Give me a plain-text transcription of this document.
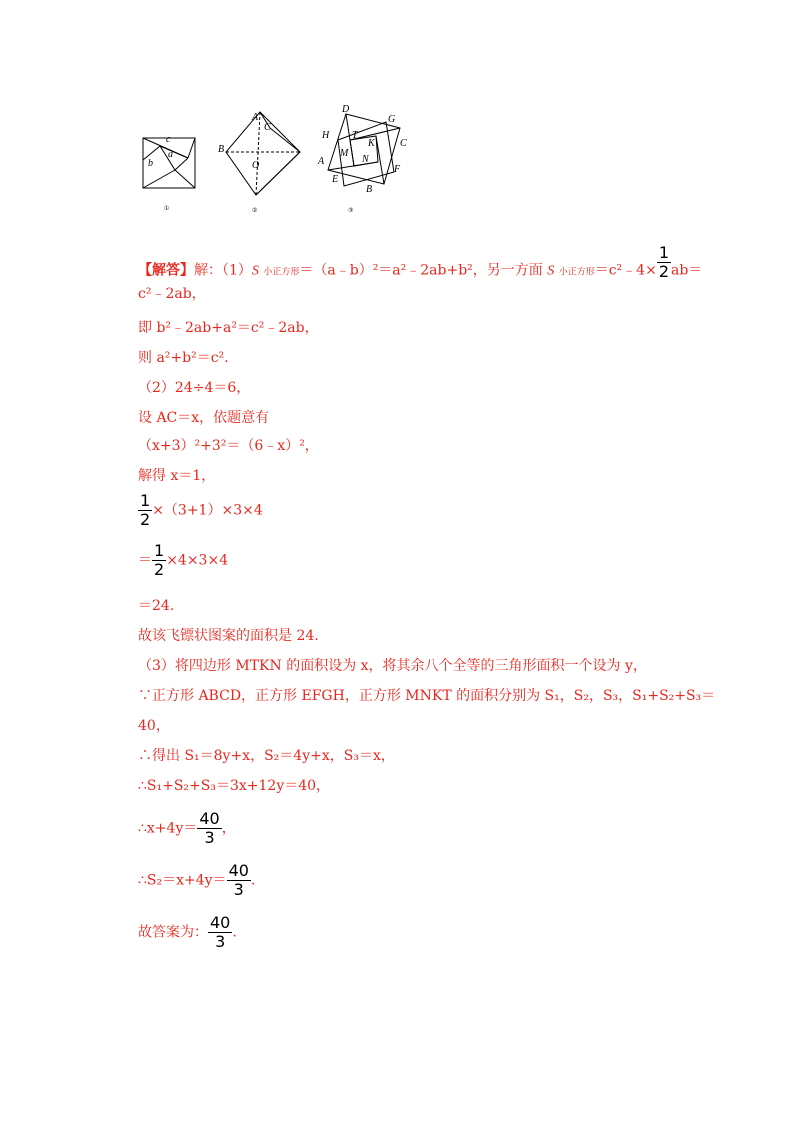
c
a
b
①
A
C
B
O
②
D
G
H T
K	C
M
A	N
F
E
B
③
【解答】解：（1）S 小正方形＝（a﹣b）²＝a²﹣2ab+b²，另一方面 S 小正方形＝c²﹣4× $\frac{1}{2} ab=$
c²﹣2ab，
即 b²﹣2ab+a²＝c²﹣2ab，
则 a²+b²＝c².
（2）24÷4＝6，
设 AC＝x，依题意有
（x+3）²+3²＝（6﹣x）²，
解得 x＝1，
$\frac{1}{2} \times(3+1)\times 3\times 4$
＝ $\frac{1}{2} \times 4\times 3\times 4$
＝24.
故该飞镖状图案的面积是 24.
（3）将四边形 MTKN 的面积设为 x，将其余八个全等的三角形面积一个设为 y，
∵正方形 ABCD，正方形 EFGH，正方形 MNKT 的面积分别为 S₁，S₂，S₃，S₁+S₂+S₃＝
40，
∴得出 S₁＝8y+x，S₂＝4y+x，S₃＝x，
∴S₁+S₂+S₃＝3x+12y＝40，
∴x+4y＝ $\frac{40}{3}$ ，
∴S₂＝x+4y＝ $\frac{40}{3}$ .
故答案为： $\frac{40}{3}$ .
